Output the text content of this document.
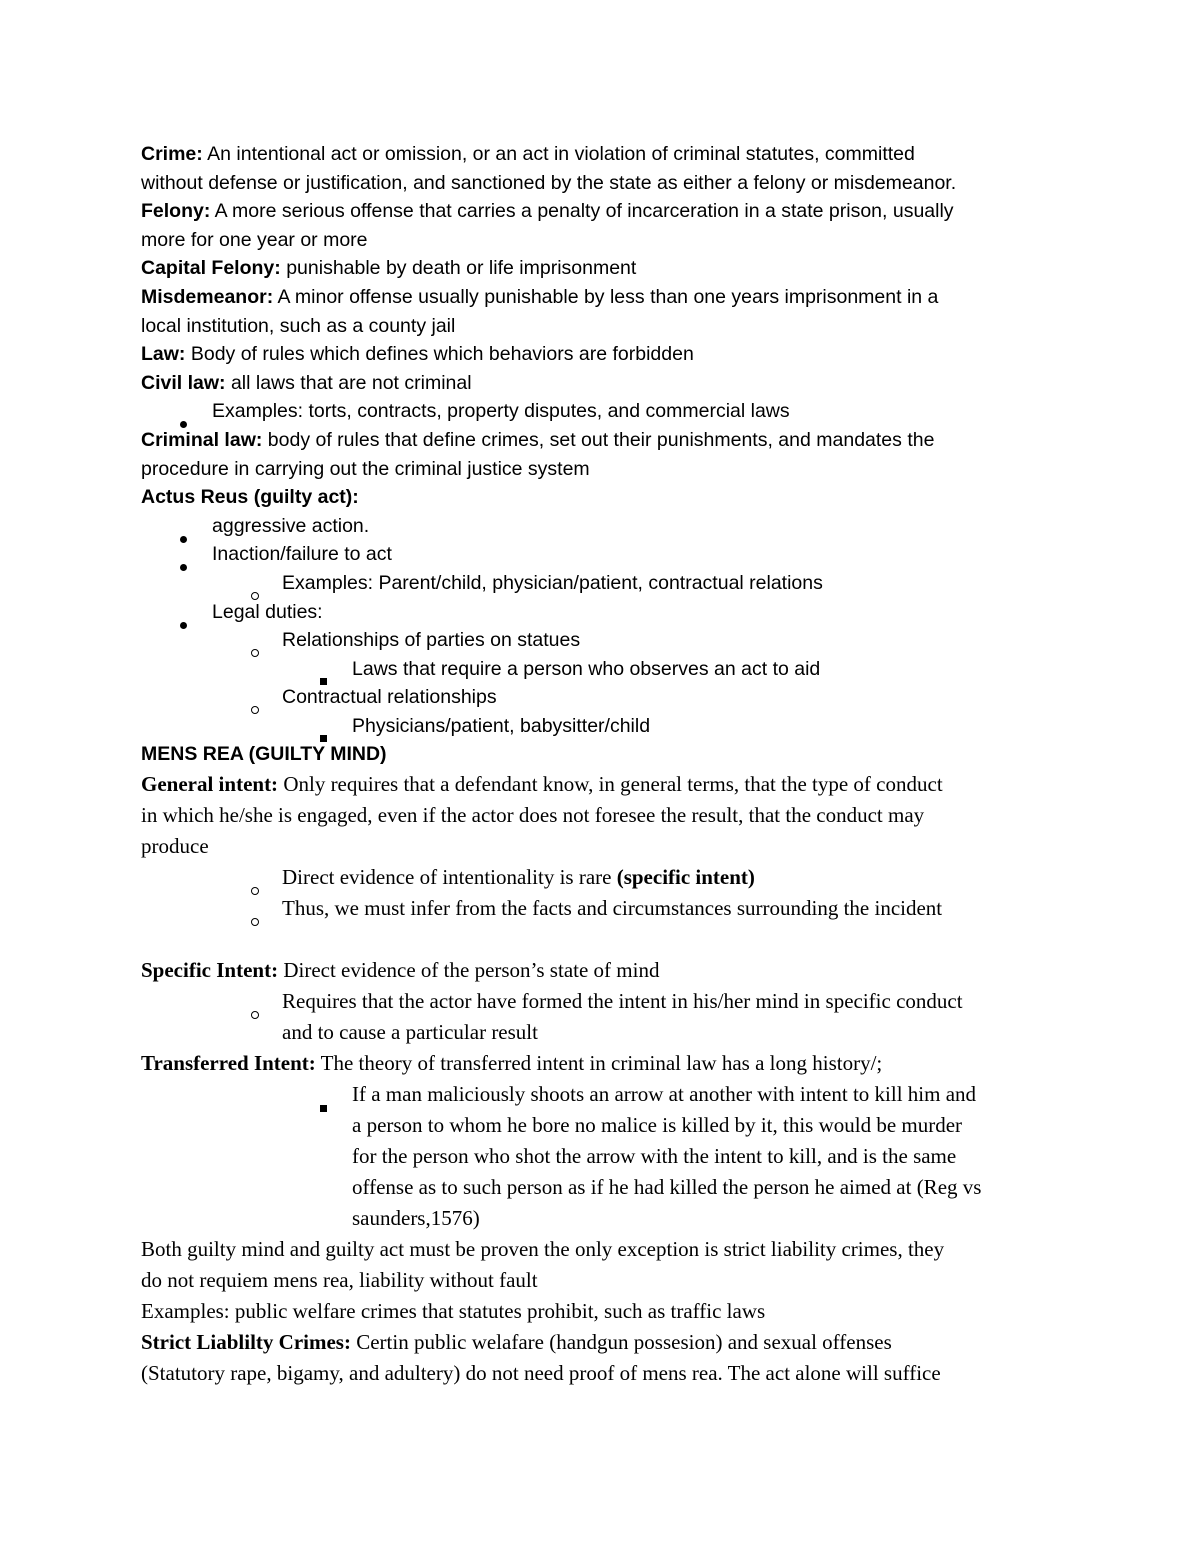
Crime: An intentional act or omission, or an act in violation of criminal statutes, committed
without defense or justification, and sanctioned by the state as either a felony or misdemeanor.
Felony: A more serious offense that carries a penalty of incarceration in a state prison, usually
more for one year or more
Capital Felony: punishable by death or life imprisonment
Misdemeanor: A minor offense usually punishable by less than one years imprisonment in a
local institution, such as a county jail
Law: Body of rules which defines which behaviors are forbidden
Civil law: all laws that are not criminal
Examples: torts, contracts, property disputes, and commercial laws
Criminal law: body of rules that define crimes, set out their punishments, and mandates the
procedure in carrying out the criminal justice system
Actus Reus (guilty act):
aggressive action.
Inaction/failure to act
Examples: Parent/child, physician/patient, contractual relations
Legal duties:
Relationships of parties on statues
Laws that require a person who observes an act to aid
Contractual relationships
Physicians/patient, babysitter/child
MENS REA (GUILTY MIND)
General intent: Only requires that a defendant know, in general terms, that the type of conduct
in which he/she is engaged, even if the actor does not foresee the result, that the conduct may
produce
Direct evidence of intentionality is rare (specific intent)
Thus, we must infer from the facts and circumstances surrounding the incident
Specific Intent: Direct evidence of the person’s state of mind
Requires that the actor have formed the intent in his/her mind in specific conduct
and to cause a particular result
Transferred Intent: The theory of transferred intent in criminal law has a long history/;
If a man maliciously shoots an arrow at another with intent to kill him and
a person to whom he bore no malice is killed by it, this would be murder
for the person who shot the arrow with the intent to kill, and is the same
offense as to such person as if he had killed the person he aimed at (Reg vs
saunders,1576)
Both guilty mind and guilty act must be proven the only exception is strict liability crimes, they
do not requiem mens rea, liability without fault
Examples: public welfare crimes that statutes prohibit, such as traffic laws
Strict Liablilty Crimes: Certin public welafare (handgun possesion) and sexual offenses
(Statutory rape, bigamy, and adultery) do not need proof of mens rea. The act alone will suffice
